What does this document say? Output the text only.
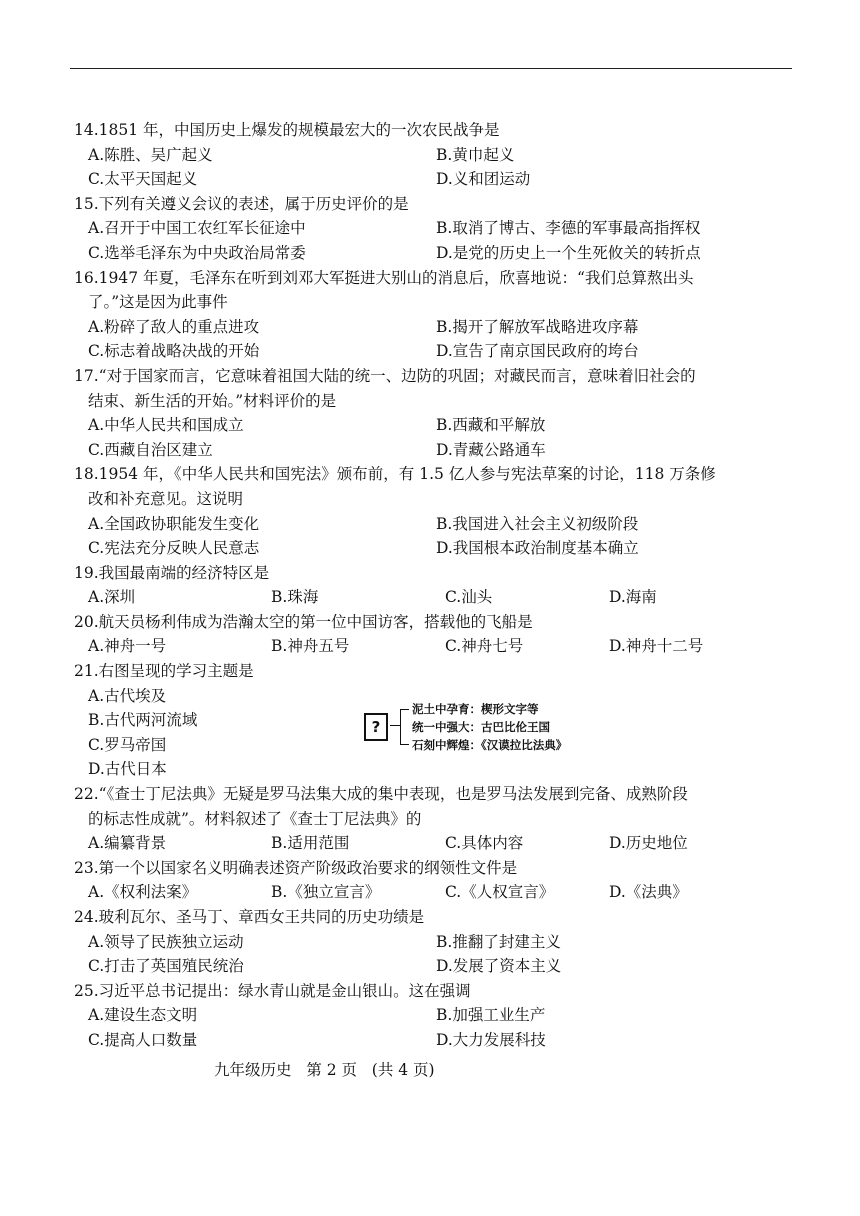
14.1851 年，中国历史上爆发的规模最宏大的一次农民战争是
A.陈胜、吴广起义	B.黄巾起义
C.太平天国起义	D.义和团运动
15.下列有关遵义会议的表述，属于历史评价的是
A.召开于中国工农红军长征途中	B.取消了博古、李德的军事最高指挥权
C.选举毛泽东为中央政治局常委	D.是党的历史上一个生死攸关的转折点
16.1947 年夏，毛泽东在听到刘邓大军挺进大别山的消息后，欣喜地说：“我们总算熬出头
了。”这是因为此事件
A.粉碎了敌人的重点进攻	B.揭开了解放军战略进攻序幕
C.标志着战略决战的开始	D.宣告了南京国民政府的垮台
17.“对于国家而言，它意味着祖国大陆的统一、边防的巩固；对藏民而言，意味着旧社会的
结束、新生活的开始。”材料评价的是
A.中华人民共和国成立	B.西藏和平解放
C.西藏自治区建立	D.青藏公路通车
18.1954 年，《中华人民共和国宪法》颁布前，有 1.5 亿人参与宪法草案的讨论，118 万条修
改和补充意见。这说明
A.全国政协职能发生变化	B.我国进入社会主义初级阶段
C.宪法充分反映人民意志	D.我国根本政治制度基本确立
19.我国最南端的经济特区是
A.深圳	B.珠海	C.汕头	D.海南
20.航天员杨利伟成为浩瀚太空的第一位中国访客，搭载他的飞船是
A.神舟一号	B.神舟五号	C.神舟七号	D.神舟十二号
21.右图呈现的学习主题是
A.古代埃及
B.古代两河流域
C.罗马帝国
D.古代日本
22.“《查士丁尼法典》无疑是罗马法集大成的集中表现，也是罗马法发展到完备、成熟阶段
的标志性成就”。材料叙述了《查士丁尼法典》的
A.编纂背景	B.适用范围	C.具体内容	D.历史地位
23.第一个以国家名义明确表述资产阶级政治要求的纲领性文件是
A.《权利法案》	B.《独立宣言》	C.《人权宣言》	D.《法典》
24.玻利瓦尔、圣马丁、章西女王共同的历史功绩是
A.领导了民族独立运动	B.推翻了封建主义
C.打击了英国殖民统治	D.发展了资本主义
25.习近平总书记提出：绿水青山就是金山银山。这在强调
A.建设生态文明	B.加强工业生产
C.提高人口数量	D.大力发展科技
?
泥土中孕育：楔形文字等
统一中强大：古巴比伦王国
石刻中辉煌：《汉谟拉比法典》
九年级历史   第 2 页   (共 4 页)
